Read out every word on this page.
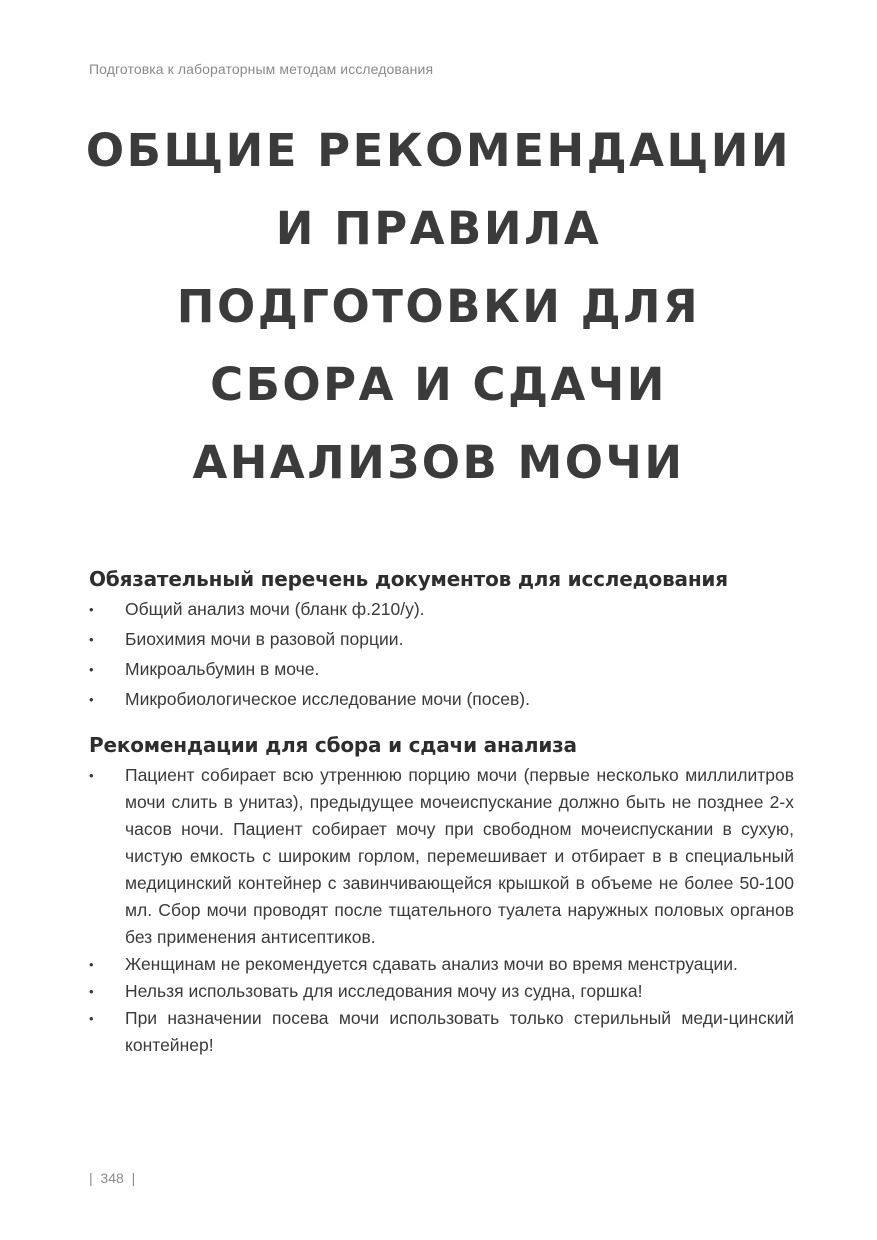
Подготовка к лабораторным методам исследования
ОБЩИЕ РЕКОМЕНДАЦИИ
И ПРАВИЛА
ПОДГОТОВКИ ДЛЯ
СБОРА И СДАЧИ
АНАЛИЗОВ МОЧИ
Обязательный перечень документов для исследования
• Общий анализ мочи (бланк ф.210/у).
• Биохимия мочи в разовой порции.
• Микроальбумин в моче.
• Микробиологическое исследование мочи (посев).
Рекомендации для сбора и сдачи анализа
• Пациент собирает всю утреннюю порцию мочи (первые несколько миллилитров мочи слить в унитаз), предыдущее мочеиспускание должно быть не позднее 2-х часов ночи. Пациент собирает мочу при свободном мочеиспускании в сухую, чистую емкость с широким горлом, перемешивает и отбирает в в специальный медицинский контейнер с завинчивающейся крышкой в объеме не более 50-100 мл. Сбор мочи проводят после тщательного туалета наружных половых органов без применения антисептиков.
• Женщинам не рекомендуется сдавать анализ мочи во время менструации.
• Нельзя использовать для исследования мочу из судна, горшка!
• При назначении посева мочи использовать только стерильный меди-цинский контейнер!
| 348 |
